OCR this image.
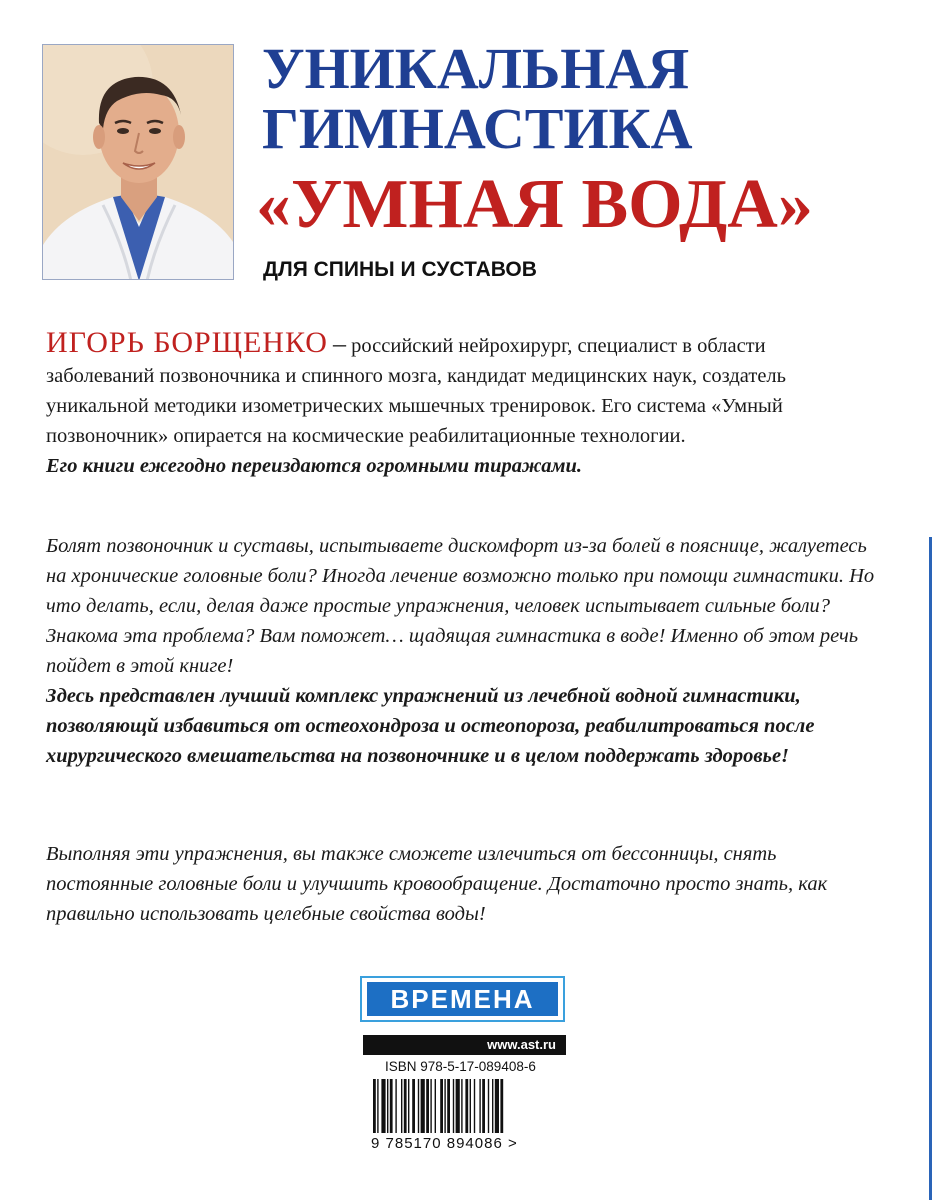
УНИКАЛЬНАЯ
ГИМНАСТИКА
«УМНАЯ ВОДА»
ДЛЯ СПИНЫ И СУСТАВОВ

ИГОРЬ БОРЩЕНКО – российский нейрохирург, специалист в области заболеваний позвоночника и спинного мозга, кандидат медицинских наук, создатель уникальной методики изометрических мышечных тренировок. Его система «Умный позвоночник» опирается на космические реабилитационные технологии.

Его книги ежегодно переиздаются огромными тиражами.

Болят позвоночник и суставы, испытываете дискомфорт из-за болей в пояснице, жалуетесь на хронические головные боли? Иногда лечение возможно только при помощи гимнастики. Но что делать, если, делая даже простые упражнения, человек испытывает сильные боли? Знакома эта проблема? Вам поможет… щадящая гимнастика в воде! Именно об этом речь пойдет в этой книге!

Здесь представлен лучший комплекс упражнений из лечебной водной гимнастики, позволяющй избавиться от остеохондроза и остеопороза, реабилитроваться после хирургического вмешательства на позвоночнике и в целом поддержать здоровье!

Выполняя эти упражнения, вы также сможете излечиться от бессонницы, снять постоянные головные боли и улучшить кровообращение. Достаточно просто знать, как правильно использовать целебные свойства воды!

ВРЕМЕНА
www.ast.ru
ISBN 978-5-17-089408-6
9 785170 894086 >
